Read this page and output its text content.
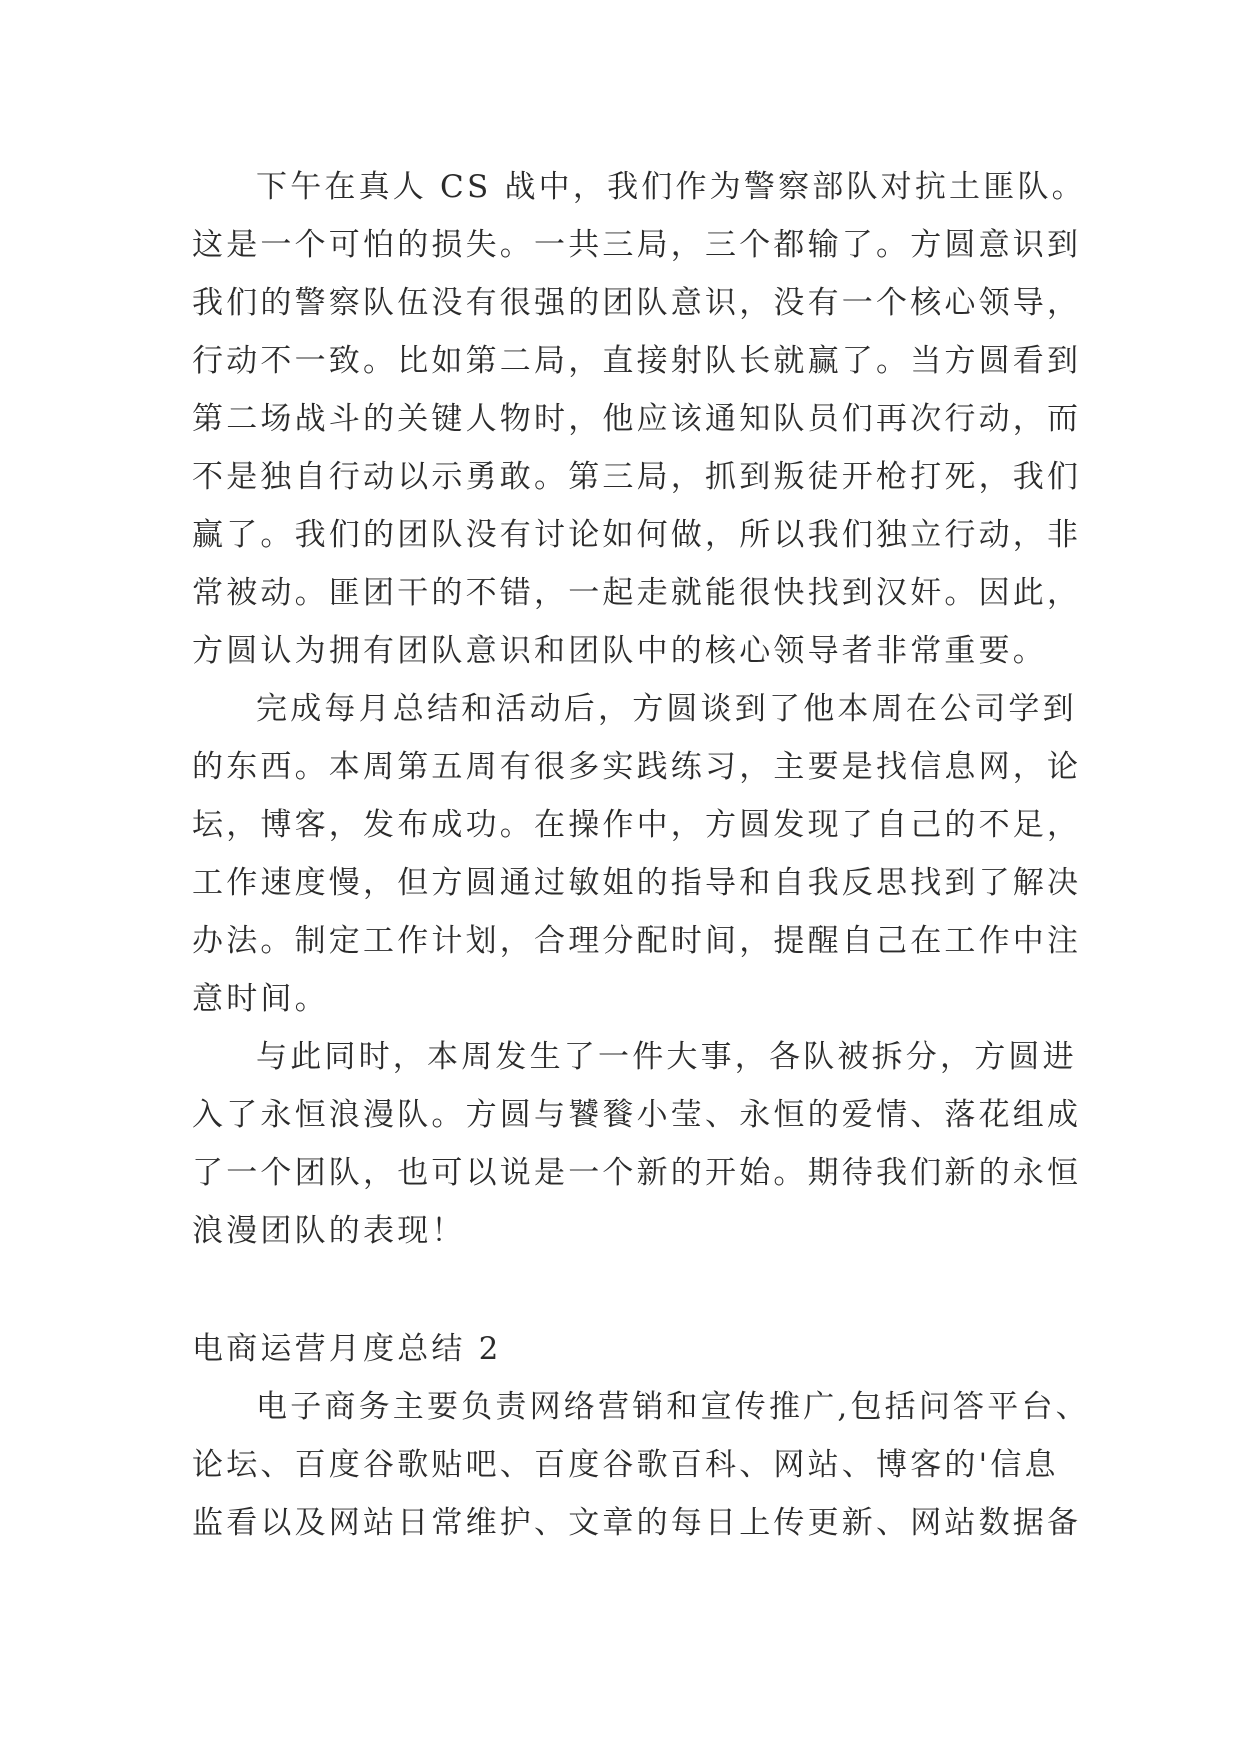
下午在真人 CS 战中，我们作为警察部队对抗土匪队。
这是一个可怕的损失。一共三局，三个都输了。方圆意识到
我们的警察队伍没有很强的团队意识，没有一个核心领导，
行动不一致。比如第二局，直接射队长就赢了。当方圆看到
第二场战斗的关键人物时，他应该通知队员们再次行动，而
不是独自行动以示勇敢。第三局，抓到叛徒开枪打死，我们
赢了。我们的团队没有讨论如何做，所以我们独立行动，非
常被动。匪团干的不错，一起走就能很快找到汉奸。因此，
方圆认为拥有团队意识和团队中的核心领导者非常重要。
完成每月总结和活动后，方圆谈到了他本周在公司学到
的东西。本周第五周有很多实践练习，主要是找信息网，论
坛，博客，发布成功。在操作中，方圆发现了自己的不足，
工作速度慢，但方圆通过敏姐的指导和自我反思找到了解决
办法。制定工作计划，合理分配时间，提醒自己在工作中注
意时间。
与此同时，本周发生了一件大事，各队被拆分，方圆进
入了永恒浪漫队。方圆与饕餮小莹、永恒的爱情、落花组成
了一个团队，也可以说是一个新的开始。期待我们新的永恒
浪漫团队的表现！
电商运营月度总结 2
电子商务主要负责网络营销和宣传推广,包括问答平台、
论坛、百度谷歌贴吧、百度谷歌百科、网站、博客的'信息
监看以及网站日常维护、文章的每日上传更新、网站数据备
